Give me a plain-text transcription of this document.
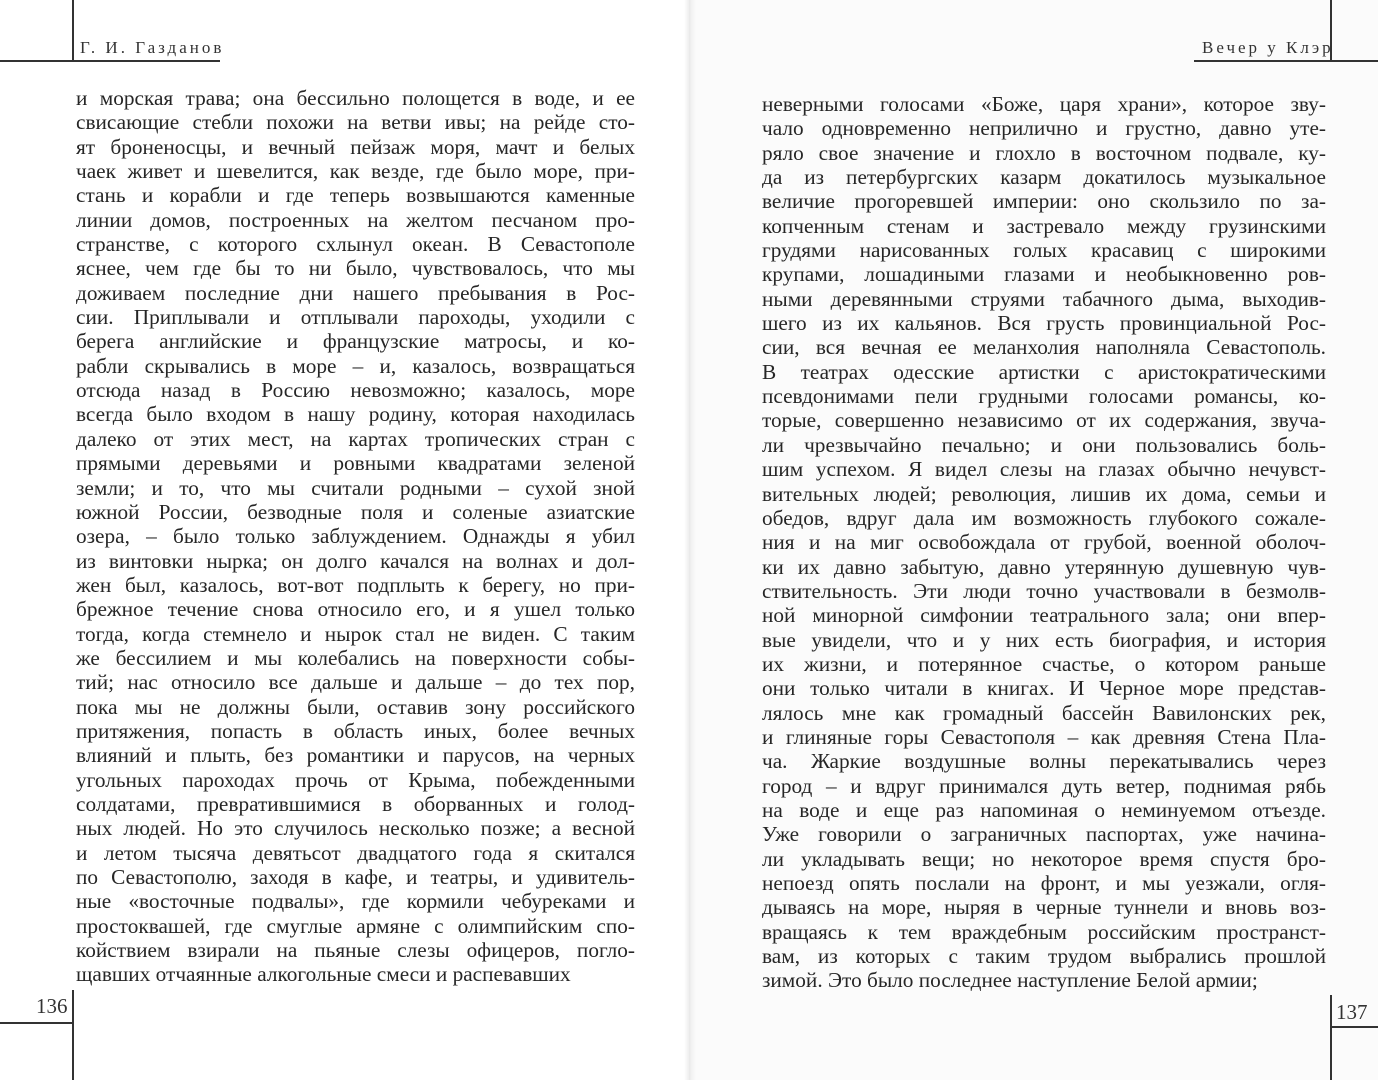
Г. И. Газданов
и морская трава; она бессильно полощется в воде, и ее
свисающие стебли похожи на ветви ивы; на рейде сто-
ят броненосцы, и вечный пейзаж моря, мачт и белых
чаек живет и шевелится, как везде, где было море, при-
стань и корабли и где теперь возвышаются каменные
линии домов, построенных на желтом песчаном про-
странстве, с которого схлынул океан. В Севастополе
яснее, чем где бы то ни было, чувствовалось, что мы
доживаем последние дни нашего пребывания в Рос-
сии. Приплывали и отплывали пароходы, уходили с
берега английские и французские матросы, и ко-
рабли скрывались в море – и, казалось, возвращаться
отсюда назад в Россию невозможно; казалось, море
всегда было входом в нашу родину, которая находилась
далеко от этих мест, на картах тропических стран с
прямыми деревьями и ровными квадратами зеленой
земли; и то, что мы считали родными – сухой зной
южной России, безводные поля и соленые азиатские
озера, – было только заблуждением. Однажды я убил
из винтовки нырка; он долго качался на волнах и дол-
жен был, казалось, вот-вот подплыть к берегу, но при-
брежное течение снова относило его, и я ушел только
тогда, когда стемнело и нырок стал не виден. С таким
же бессилием и мы колебались на поверхности собы-
тий; нас относило все дальше и дальше – до тех пор,
пока мы не должны были, оставив зону российского
притяжения, попасть в область иных, более вечных
влияний и плыть, без романтики и парусов, на черных
угольных пароходах прочь от Крыма, побежденными
солдатами, превратившимися в оборванных и голод-
ных людей. Но это случилось несколько позже; а весной
и летом тысяча девятьсот двадцатого года я скитался
по Севастополю, заходя в кафе, и театры, и удивитель-
ные «восточные подвалы», где кормили чебуреками и
простоквашей, где смуглые армяне с олимпийским спо-
койствием взирали на пьяные слезы офицеров, погло-
щавших отчаянные алкогольные смеси и распевавших
136
Вечер у Клэр
неверными голосами «Боже, царя храни», которое зву-
чало одновременно неприлично и грустно, давно уте-
ряло свое значение и глохло в восточном подвале, ку-
да из петербургских казарм докатилось музыкальное
величие прогоревшей империи: оно скользило по за-
копченным стенам и застревало между грузинскими
грудями нарисованных голых красавиц с широкими
крупами, лошадиными глазами и необыкновенно ров-
ными деревянными струями табачного дыма, выходив-
шего из их кальянов. Вся грусть провинциальной Рос-
сии, вся вечная ее меланхолия наполняла Севастополь.
В театрах одесские артистки с аристократическими
псевдонимами пели грудными голосами романсы, ко-
торые, совершенно независимо от их содержания, звуча-
ли чрезвычайно печально; и они пользовались боль-
шим успехом. Я видел слезы на глазах обычно нечувст-
вительных людей; революция, лишив их дома, семьи и
обедов, вдруг дала им возможность глубокого сожале-
ния и на миг освобождала от грубой, военной оболоч-
ки их давно забытую, давно утерянную душевную чув-
ствительность. Эти люди точно участвовали в безмолв-
ной минорной симфонии театрального зала; они впер-
вые увидели, что и у них есть биография, и история
их жизни, и потерянное счастье, о котором раньше
они только читали в книгах. И Черное море представ-
лялось мне как громадный бассейн Вавилонских рек,
и глиняные горы Севастополя – как древняя Стена Пла-
ча. Жаркие воздушные волны перекатывались через
город – и вдруг принимался дуть ветер, поднимая рябь
на воде и еще раз напоминая о неминуемом отъезде.
Уже говорили о заграничных паспортах, уже начина-
ли укладывать вещи; но некоторое время спустя бро-
непоезд опять послали на фронт, и мы уезжали, огля-
дываясь на море, ныряя в черные туннели и вновь воз-
вращаясь к тем враждебным российским пространст-
вам, из которых с таким трудом выбрались прошлой
зимой. Это было последнее наступление Белой армии;
137
